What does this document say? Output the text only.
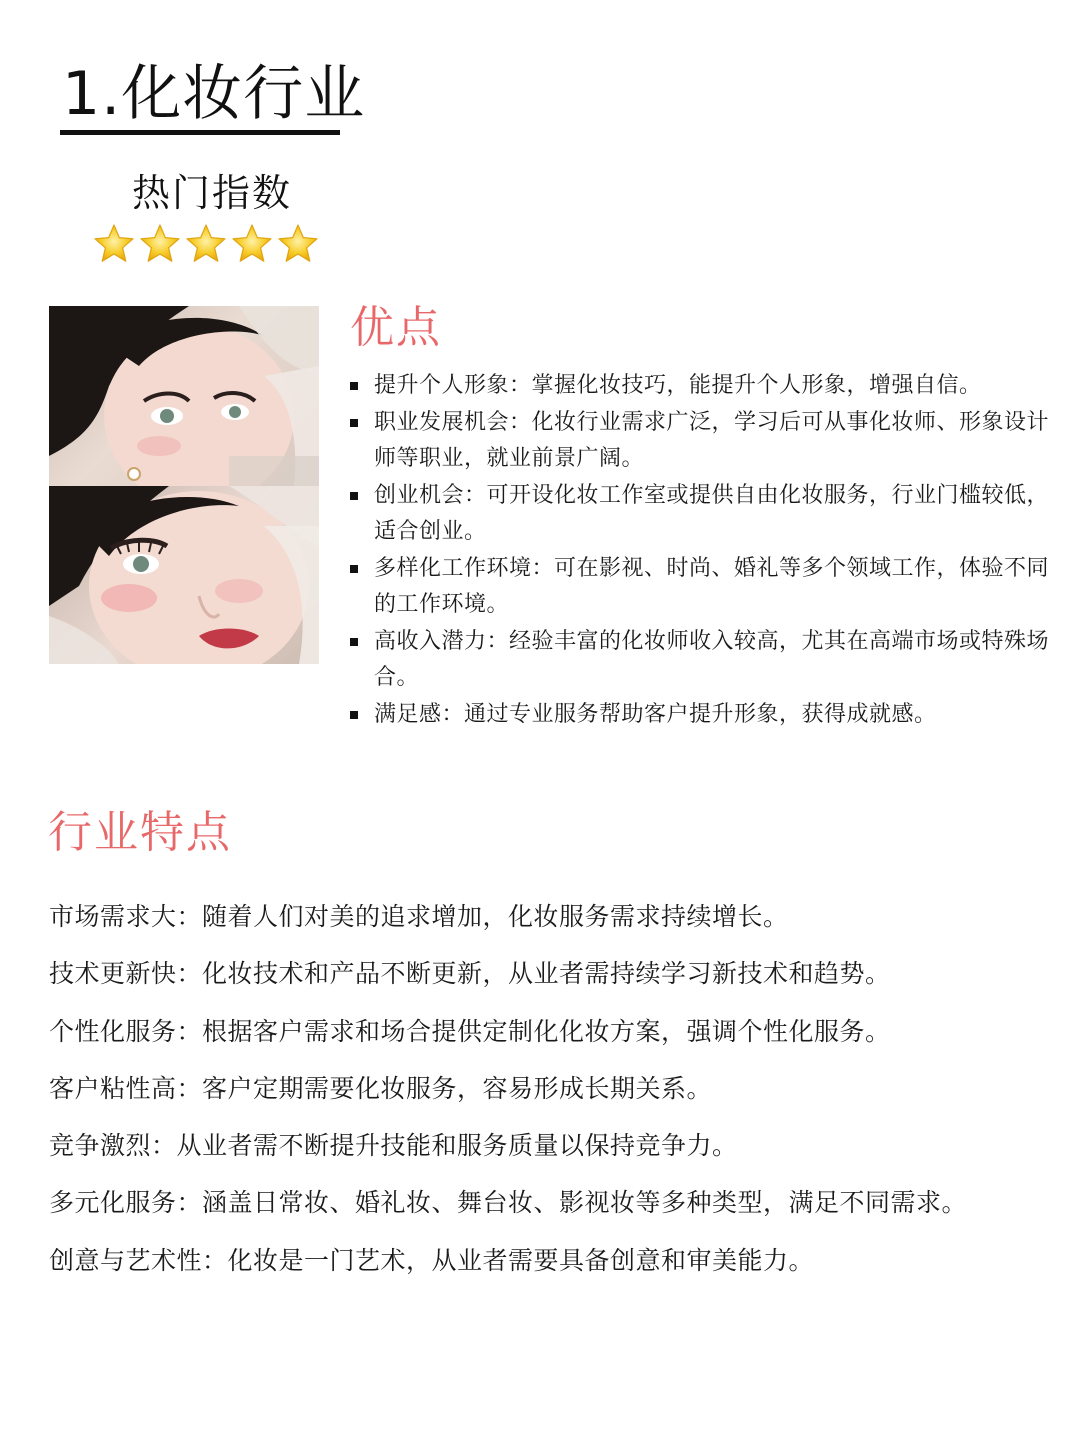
1.化妆行业
热门指数
优点
提升个人形象：掌握化妆技巧，能提升个人形象，增强自信。
职业发展机会：化妆行业需求广泛，学习后可从事化妆师、形象设计师等职业，就业前景广阔。
创业机会：可开设化妆工作室或提供自由化妆服务，行业门槛较低，适合创业。
多样化工作环境：可在影视、时尚、婚礼等多个领域工作，体验不同的工作环境。
高收入潜力：经验丰富的化妆师收入较高，尤其在高端市场或特殊场合。
满足感：通过专业服务帮助客户提升形象，获得成就感。
行业特点
市场需求大：随着人们对美的追求增加，化妆服务需求持续增长。
技术更新快：化妆技术和产品不断更新，从业者需持续学习新技术和趋势。
个性化服务：根据客户需求和场合提供定制化化妆方案，强调个性化服务。
客户粘性高：客户定期需要化妆服务，容易形成长期关系。
竞争激烈：从业者需不断提升技能和服务质量以保持竞争力。
多元化服务：涵盖日常妆、婚礼妆、舞台妆、影视妆等多种类型，满足不同需求。
创意与艺术性：化妆是一门艺术，从业者需要具备创意和审美能力。
